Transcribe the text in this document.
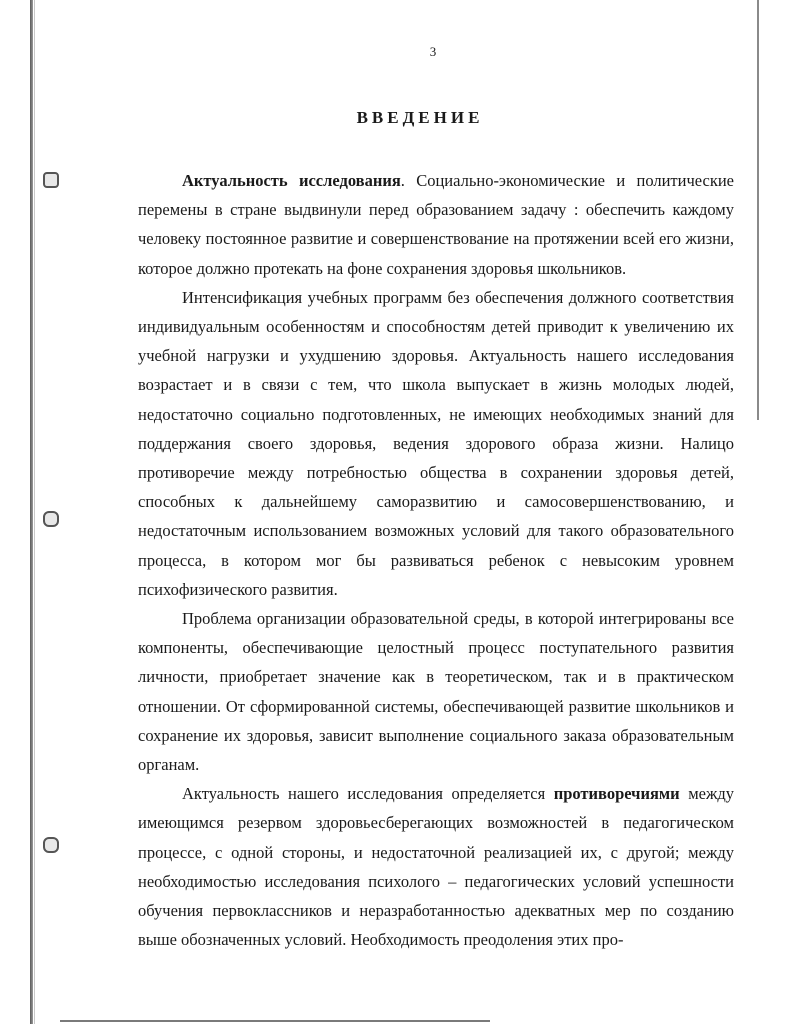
3
ВВЕДЕНИЕ

Актуальность исследования. Социально-экономические и политические перемены в стране выдвинули перед образованием задачу : обеспечить каждому человеку постоянное развитие и совершенствование на протяжении всей его жизни, которое должно протекать на фоне сохранения здоровья школьников.

Интенсификация учебных программ без обеспечения должного соответствия индивидуальным особенностям и способностям детей приводит к увеличению их учебной нагрузки и ухудшению здоровья. Актуальность нашего исследования возрастает и в связи с тем, что школа выпускает в жизнь молодых людей, недостаточно социально подготовленных, не имеющих необходимых знаний для поддержания своего здоровья, ведения здорового образа жизни. Налицо противоречие между потребностью общества в сохранении здоровья детей, способных к дальнейшему саморазвитию и самосовершенствованию, и недостаточным использованием возможных условий для такого образовательного процесса, в котором мог бы развиваться ребенок с невысоким уровнем психофизического развития.

Проблема организации образовательной среды, в которой интегрированы все компоненты, обеспечивающие целостный процесс поступательного развития личности, приобретает значение как в теоретическом, так и в практическом отношении. От сформированной системы, обеспечивающей развитие школьников и сохранение их здоровья, зависит выполнение социального заказа образовательным органам.

Актуальность нашего исследования определяется противоречиями между имеющимся резервом здоровьесберегающих возможностей в педагогическом процессе, с одной стороны, и недостаточной реализацией их, с другой; между необходимостью исследования психолого – педагогических условий успешности обучения первоклассников и неразработанностью адекватных мер по созданию выше обозначенных условий. Необходимость преодоления этих про-
